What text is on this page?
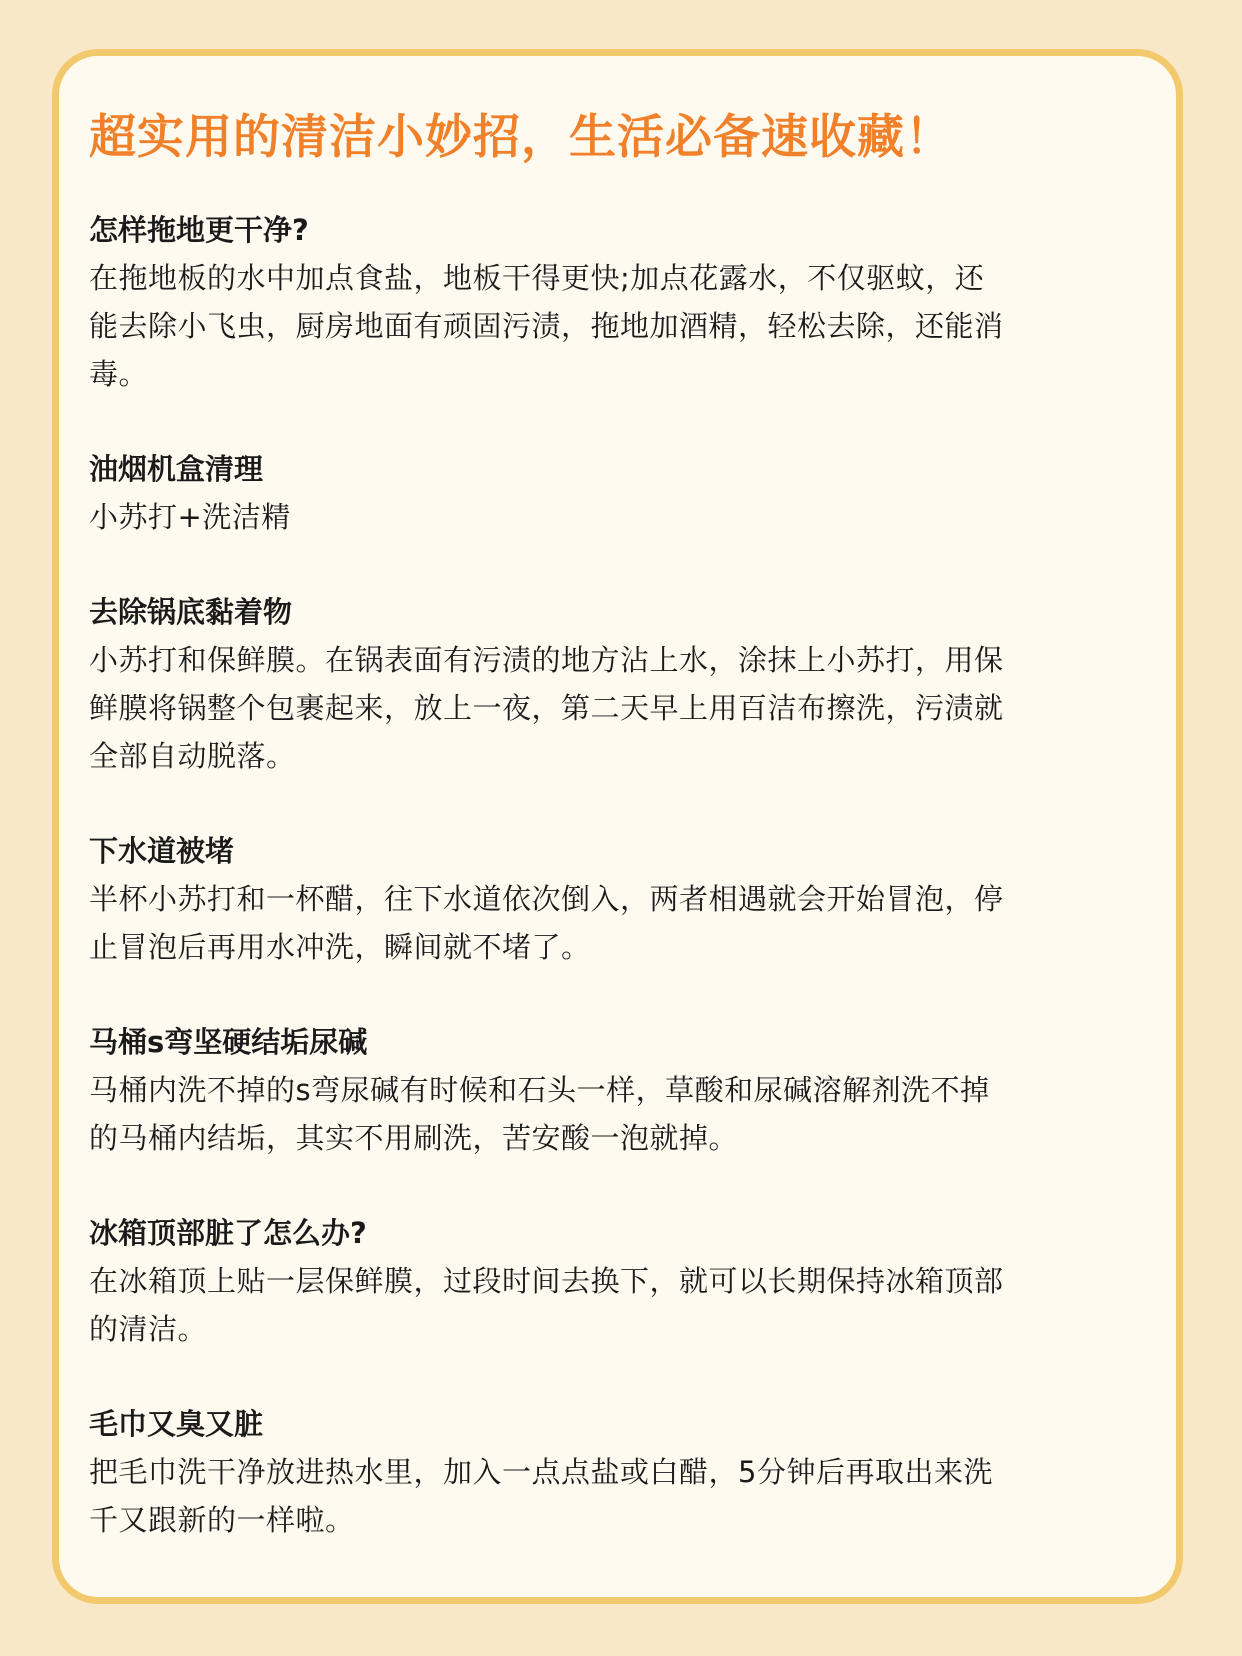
超实用的清洁小妙招，生活必备速收藏！

怎样拖地更干净?

在拖地板的水中加点食盐，地板干得更快;加点花露水，不仅驱蚊，还
能去除小飞虫，厨房地面有顽固污渍，拖地加酒精，轻松去除，还能消
毒。

油烟机盒清理

小苏打+洗洁精

去除锅底黏着物

小苏打和保鲜膜。在锅表面有污渍的地方沾上水，涂抹上小苏打，用保
鲜膜将锅整个包裹起来，放上一夜，第二天早上用百洁布擦洗，污渍就
全部自动脱落。

下水道被堵

半杯小苏打和一杯醋，往下水道依次倒入，两者相遇就会开始冒泡，停
止冒泡后再用水冲洗，瞬间就不堵了。

马桶s弯坚硬结垢尿碱

马桶内洗不掉的s弯尿碱有时候和石头一样，草酸和尿碱溶解剂洗不掉
的马桶内结垢，其实不用刷洗，苦安酸一泡就掉。

冰箱顶部脏了怎么办?

在冰箱顶上贴一层保鲜膜，过段时间去换下，就可以长期保持冰箱顶部
的清洁。

毛巾又臭又脏

把毛巾洗干净放进热水里，加入一点点盐或白醋，5分钟后再取出来洗
千又跟新的一样啦。
